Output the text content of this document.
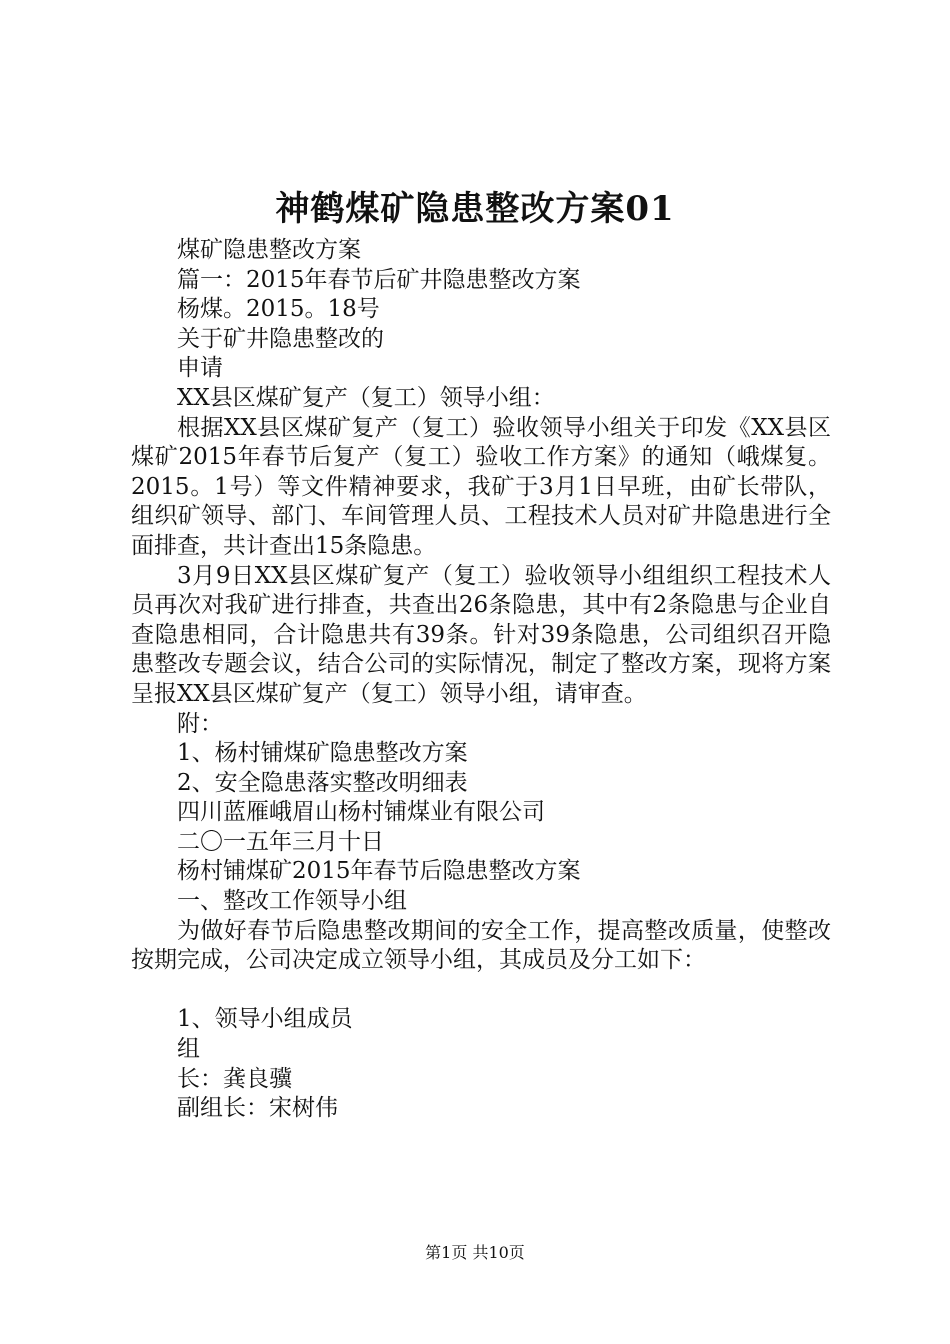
神鹤煤矿隐患整改方案01

煤矿隐患整改方案

篇一：2015年春节后矿井隐患整改方案

杨煤。2015。18号

关于矿井隐患整改的

申请

XX县区煤矿复产（复工）领导小组：

根据XX县区煤矿复产（复工）验收领导小组关于印发《XX县区煤矿2015年春节后复产（复工）验收工作方案》的通知（峨煤复。2015。1号）等文件精神要求，我矿于3月1日早班，由矿长带队，组织矿领导、部门、车间管理人员、工程技术人员对矿井隐患进行全面排查，共计查出15条隐患。

3月9日XX县区煤矿复产（复工）验收领导小组组织工程技术人员再次对我矿进行排查，共查出26条隐患，其中有2条隐患与企业自查隐患相同，合计隐患共有39条。针对39条隐患，公司组织召开隐患整改专题会议，结合公司的实际情况，制定了整改方案，现将方案呈报XX县区煤矿复产（复工）领导小组，请审查。

附：

1、杨村铺煤矿隐患整改方案

2、安全隐患落实整改明细表

四川蓝雁峨眉山杨村铺煤业有限公司

二〇一五年三月十日

杨村铺煤矿2015年春节后隐患整改方案

一、整改工作领导小组

为做好春节后隐患整改期间的安全工作，提高整改质量，使整改按期完成，公司决定成立领导小组，其成员及分工如下：

1、领导小组成员

组

长：龚良骥

副组长：宋树伟

第1页 共10页
